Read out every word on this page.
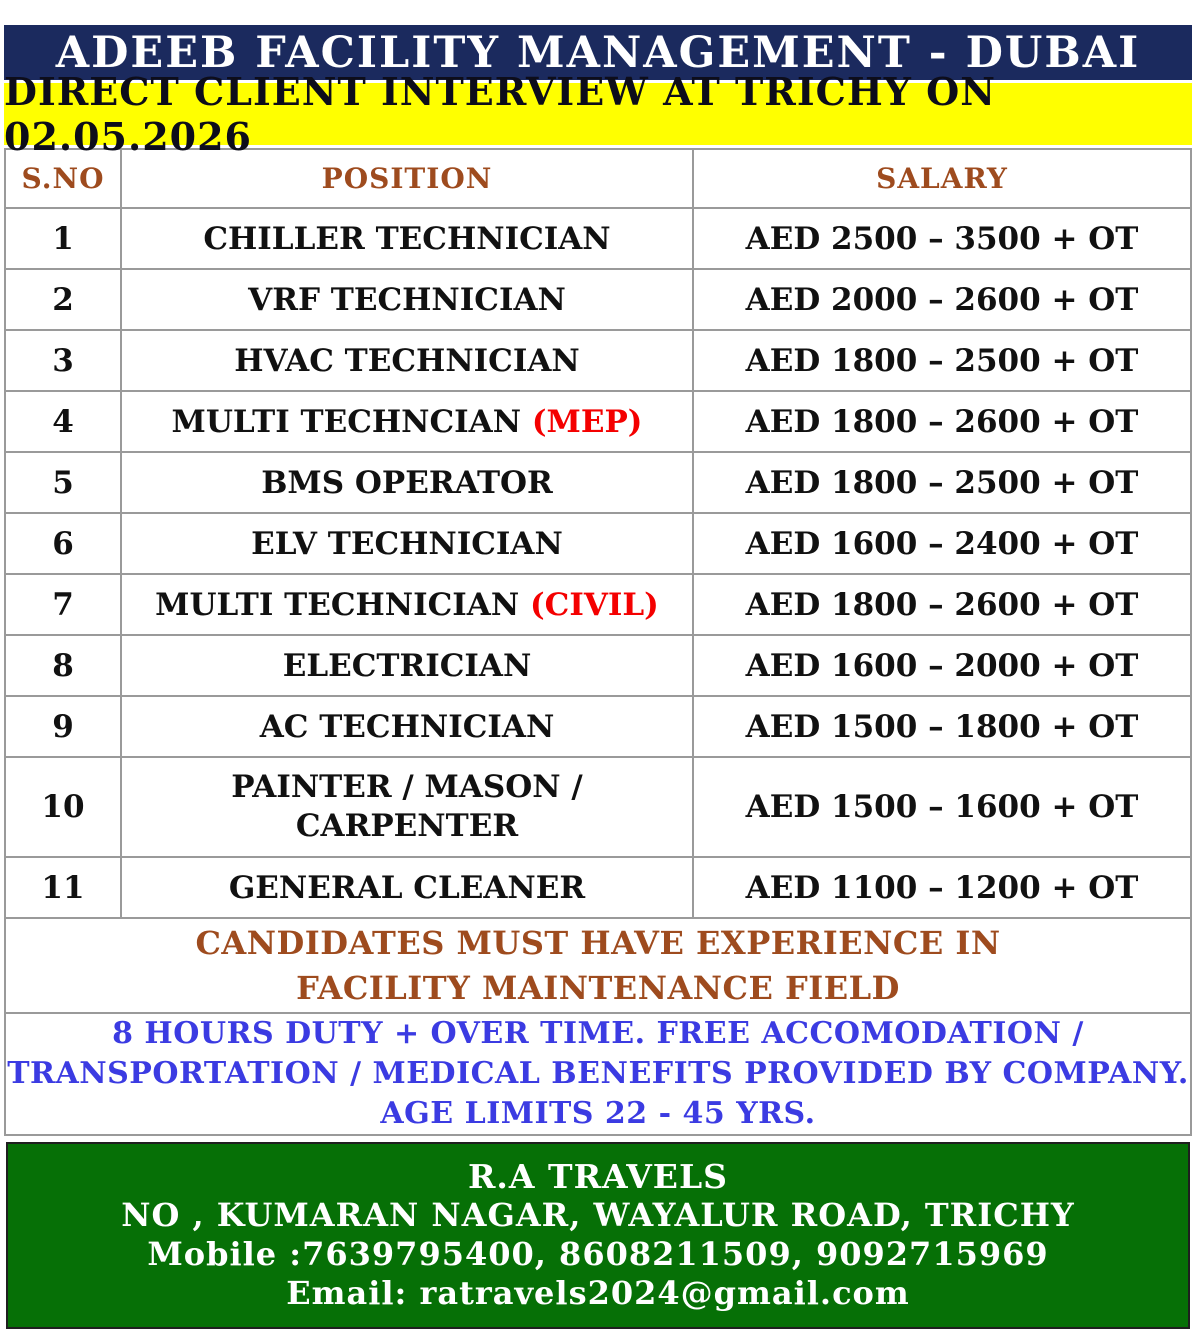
ADEEB FACILITY MANAGEMENT - DUBAI
DIRECT CLIENT INTERVIEW AT TRICHY ON 02.05.2026
S.NO	POSITION	SALARY
1	CHILLER TECHNICIAN	AED 2500 – 3500 + OT
2	VRF TECHNICIAN	AED 2000 – 2600 + OT
3	HVAC TECHNICIAN	AED 1800 – 2500 + OT
4	MULTI TECHNCIAN (MEP)	AED 1800 – 2600 + OT
5	BMS OPERATOR	AED 1800 – 2500 + OT
6	ELV TECHNICIAN	AED 1600 – 2400 + OT
7	MULTI TECHNICIAN (CIVIL)	AED 1800 – 2600 + OT
8	ELECTRICIAN	AED 1600 – 2000 + OT
9	AC TECHNICIAN	AED 1500 – 1800 + OT
10	PAINTER / MASON / CARPENTER	AED 1500 – 1600 + OT
11	GENERAL CLEANER	AED 1100 – 1200 + OT

CANDIDATES MUST HAVE EXPERIENCE IN
FACILITY MAINTENANCE FIELD		

8 HOURS DUTY + OVER TIME. FREE ACCOMODATION /
TRANSPORTATION / MEDICAL BENEFITS PROVIDED BY COMPANY.
AGE LIMITS 22 - 45 YRS.		
R.A TRAVELS
NO , KUMARAN NAGAR, WAYALUR ROAD, TRICHY
Mobile :7639795400, 8608211509, 9092715969
Email: ratravels2024@gmail.com
